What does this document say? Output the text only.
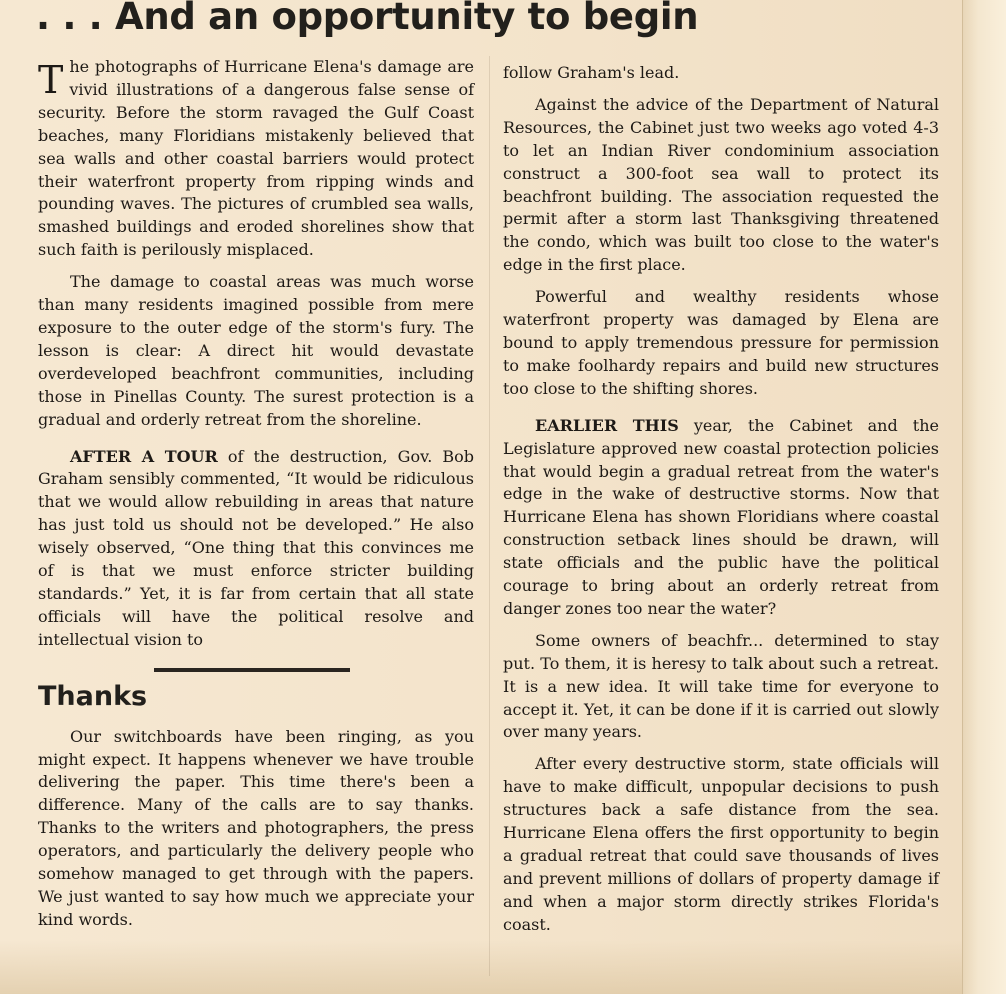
. . . And an opportunity to begin

The photographs of Hurricane Elena's damage are vivid illustrations of a dangerous false sense of security. Before the storm ravaged the Gulf Coast beaches, many Floridians mistakenly believed that sea walls and other coastal barriers would protect their waterfront property from ripping winds and pounding waves. The pictures of crumbled sea walls, smashed buildings and eroded shorelines show that such faith is perilously misplaced.

The damage to coastal areas was much worse than many residents imagined possible from mere exposure to the outer edge of the storm's fury. The lesson is clear: A direct hit would devastate overdeveloped beachfront communities, including those in Pinellas County. The surest protection is a gradual and orderly retreat from the shoreline.

AFTER A TOUR of the destruction, Gov. Bob Graham sensibly commented, “It would be ridiculous that we would allow rebuilding in areas that nature has just told us should not be developed.” He also wisely observed, “One thing that this convinces me of is that we must enforce stricter building standards.” Yet, it is far from certain that all state officials will have the political resolve and intellectual vision to

Thanks

Our switchboards have been ringing, as you might expect. It happens whenever we have trouble delivering the paper. This time there's been a difference. Many of the calls are to say thanks. Thanks to the writers and photographers, the press operators, and particularly the delivery people who somehow managed to get through with the papers. We just wanted to say how much we appreciate your kind words.

follow Graham's lead.

Against the advice of the Department of Natural Resources, the Cabinet just two weeks ago voted 4-3 to let an Indian River condominium association construct a 300-foot sea wall to protect its beachfront building. The association requested the permit after a storm last Thanksgiving threatened the condo, which was built too close to the water's edge in the first place.

Powerful and wealthy residents whose waterfront property was damaged by Elena are bound to apply tremendous pressure for permission to make foolhardy repairs and build new structures too close to the shifting shores.

EARLIER THIS year, the Cabinet and the Legislature approved new coastal protection policies that would begin a gradual retreat from the water's edge in the wake of destructive storms. Now that Hurricane Elena has shown Floridians where coastal construction setback lines should be drawn, will state officials and the public have the political courage to bring about an orderly retreat from danger zones too near the water?

Some owners of beachfr... determined to stay put. To them, it is heresy to talk about such a retreat. It is a new idea. It will take time for everyone to accept it. Yet, it can be done if it is carried out slowly over many years.

After every destructive storm, state officials will have to make difficult, unpopular decisions to push structures back a safe distance from the sea. Hurricane Elena offers the first opportunity to begin a gradual retreat that could save thousands of lives and prevent millions of dollars of property damage if and when a major storm directly strikes Florida's coast.
